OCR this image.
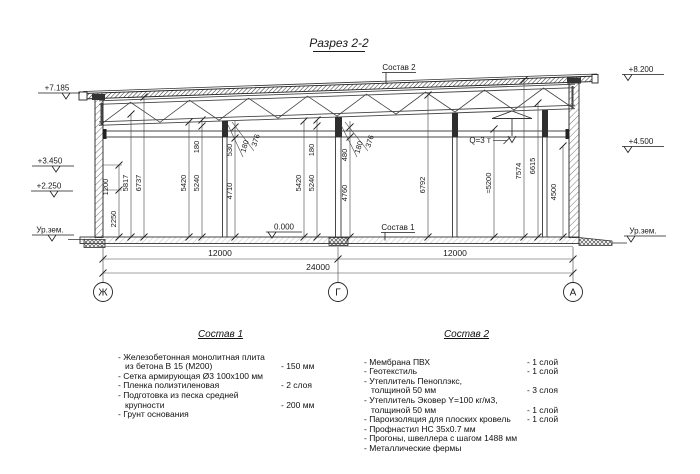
Разрез 2-2
Q=3 т
1200
2250
5817 6737	5420 5240
180	530 180
376
4710	5420 5240
180	480
180
376
4760	6792	≈5200
7574 6615
4500
+7.185
+3.450
+2.250
Ур.зем.
+8.200
+4.500
Ур.зем.
0.000
Состав 2
Состав 1
12000	12000
24000
Ж	Г	А
Состав 1
- Железобетонная монолитная плита
из бетона В 15 (М200)	- 150 мм
- Сетка армирующая Ø3 100х100 мм
- Пленка полиэтиленовая	- 2 слоя
- Подготовка из песка средней
крупности	- 200 мм
- Грунт основания
Состав 2
- Мембрана ПВХ	- 1 слой
- Геотекстиль	- 1 слой
- Утеплитель Пеноплэкс,
толщиной 50 мм	- 3 слоя
- Утеплитель Эковер Y=100 кг/м3,
толщиной 50 мм	- 1 слой
- Пароизоляция для плоских кровель	- 1 слой
- Профнастил НС 35х0.7 мм
- Прогоны, швеллера с шагом 1488 мм
- Металлические фермы
